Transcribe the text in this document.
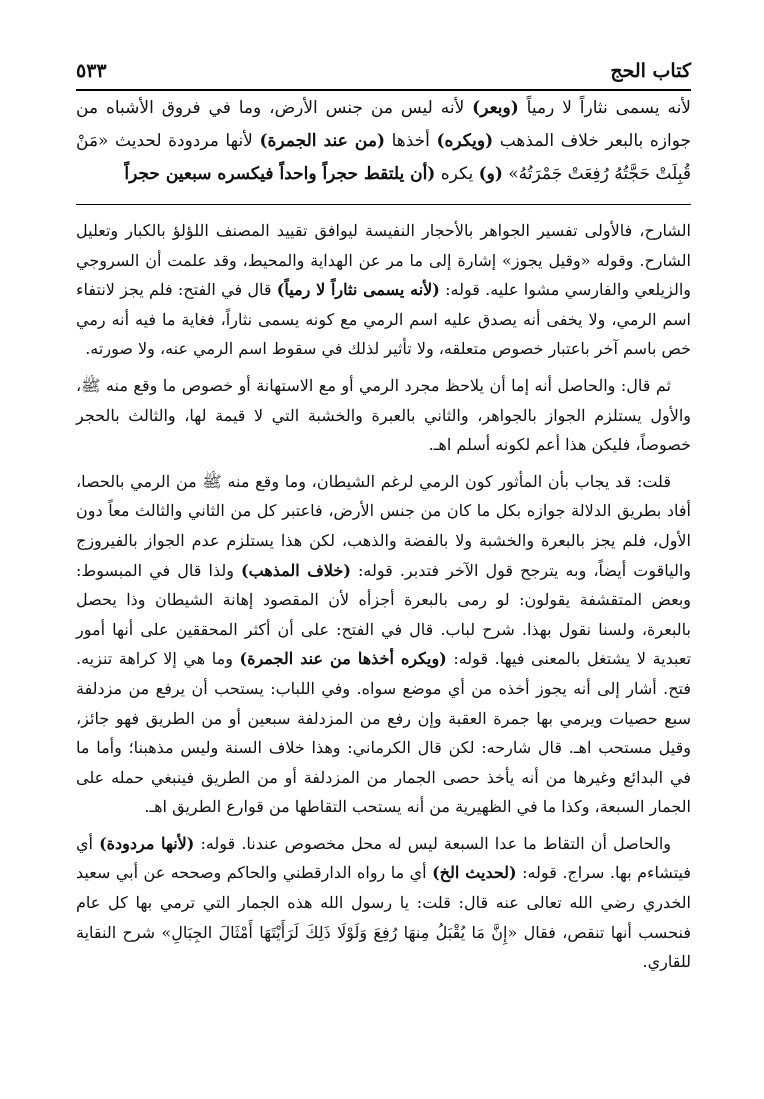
كتاب الحج
٥٣٣

لأنه يسمى نثاراً لا رمياً (وبعر) لأنه ليس من جنس الأرض، وما في فروق الأشباه من جوازه بالبعر خلاف المذهب (ويكره) أخذها (من عند الجمرة) لأنها مردودة لحديث «مَنْ قُبِلَتْ حَجَّتُهُ رُفِعَتْ جَمْرَتُهُ» (و) يكره (أن يلتقط حجراً واحداً فيكسره سبعين حجراً

الشارح، فالأولى تفسير الجواهر بالأحجار النفيسة ليوافق تقييد المصنف اللؤلؤ بالكبار وتعليل الشارح. وقوله «وقيل يجوز» إشارة إلى ما مر عن الهداية والمحيط، وقد علمت أن السروجي والزيلعي والفارسي مشوا عليه. قوله: (لأنه يسمى نثاراً لا رمياً) قال في الفتح: فلم يجز لانتفاء اسم الرمي، ولا يخفى أنه يصدق عليه اسم الرمي مع كونه يسمى نثاراً، فغاية ما فيه أنه رمي خص باسم آخر باعتبار خصوص متعلقه، ولا تأثير لذلك في سقوط اسم الرمي عنه، ولا صورته.

ثم قال: والحاصل أنه إما أن يلاحظ مجرد الرمي أو مع الاستهانة أو خصوص ما وقع منه ﷺ، والأول يستلزم الجواز بالجواهر، والثاني بالعبرة والخشبة التي لا قيمة لها، والثالث بالحجر خصوصاً، فليكن هذا أعم لكونه أسلم اهـ.

قلت: قد يجاب بأن المأثور كون الرمي لرغم الشيطان، وما وقع منه ﷺ من الرمي بالحصا، أفاد بطريق الدلالة جوازه بكل ما كان من جنس الأرض، فاعتبر كل من الثاني والثالث معاً دون الأول، فلم يجز بالبعرة والخشبة ولا بالفضة والذهب، لكن هذا يستلزم عدم الجواز بالفيروزج والياقوت أيضاً، وبه يترجح قول الآخر فتدبر. قوله: (خلاف المذهب) ولذا قال في المبسوط: وبعض المتقشفة يقولون: لو رمى بالبعرة أجزأه لأن المقصود إهانة الشيطان وذا يحصل بالبعرة، ولسنا نقول بهذا. شرح لباب. قال في الفتح: على أن أكثر المحققين على أنها أمور تعبدية لا يشتغل بالمعنى فيها. قوله: (ويكره أخذها من عند الجمرة) وما هي إلا كراهة تنزيه. فتح. أشار إلى أنه يجوز أخذه من أي موضع سواه. وفي اللباب: يستحب أن يرفع من مزدلفة سبع حصيات ويرمي بها جمرة العقبة وإن رفع من المزدلفة سبعين أو من الطريق فهو جائز، وقيل مستحب اهـ. قال شارحه: لكن قال الكرماني: وهذا خلاف السنة وليس مذهبنا؛ وأما ما في البدائع وغيرها من أنه يأخذ حصى الجمار من المزدلفة أو من الطريق فينبغي حمله على الجمار السبعة، وكذا ما في الظهيرية من أنه يستحب التقاطها من قوارع الطريق اهـ.

والحاصل أن التقاط ما عدا السبعة ليس له محل مخصوص عندنا. قوله: (لأنها مردودة) أي فيتشاءم بها. سراج. قوله: (لحديث الخ) أي ما رواه الدارقطني والحاكم وصححه عن أبي سعيد الخدري رضي الله تعالى عنه قال: قلت: يا رسول الله هذه الجمار التي ترمي بها كل عام فنحسب أنها تنقص، فقال «إِنَّ مَا يُقْبَلُ مِنهَا رُفِعَ وَلَوْلَا ذَلِكَ لَرَأَيْتَهَا أَمْثَالَ الجِبَالِ» شرح النقاية للقاري.
